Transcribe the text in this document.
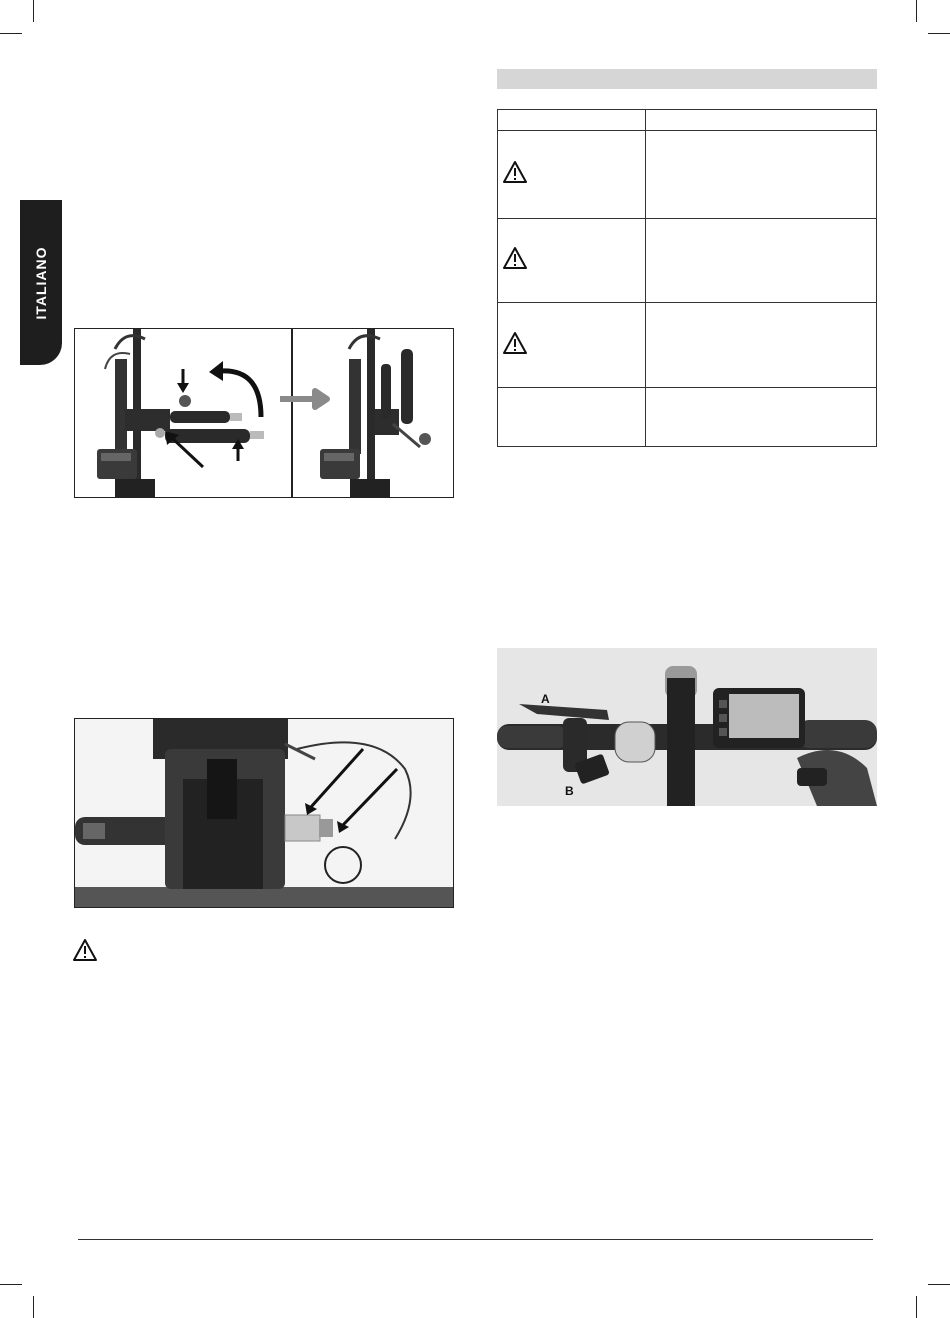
ITALIANO

A
B
